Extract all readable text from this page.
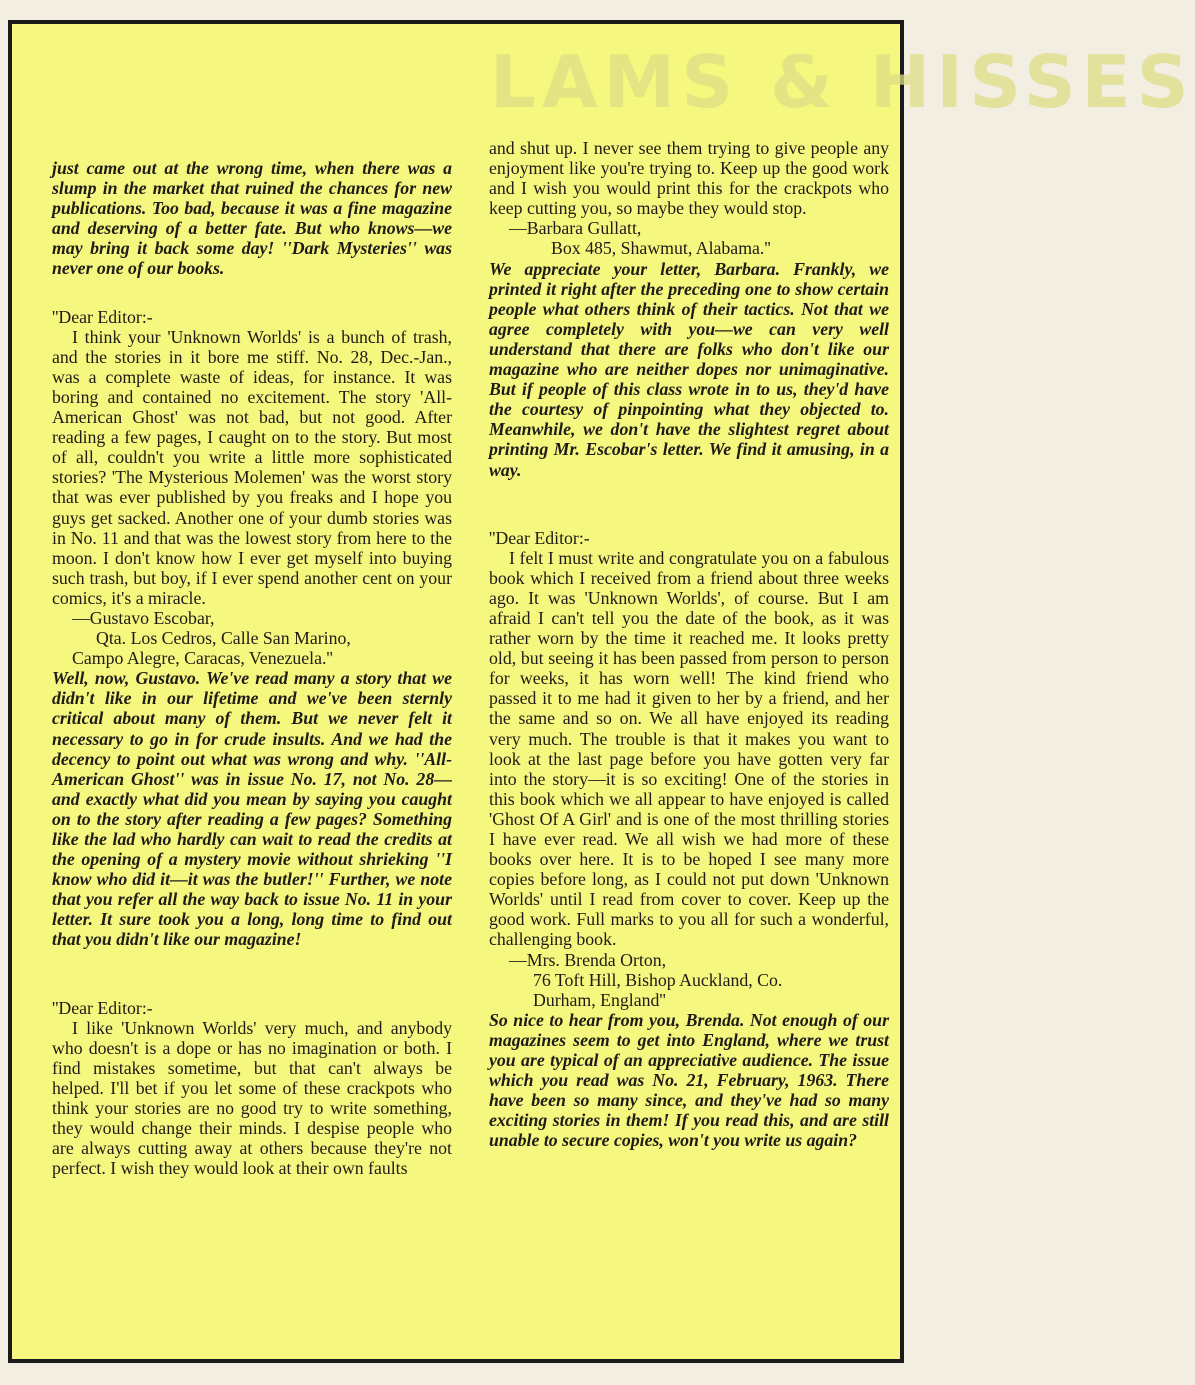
LAMS & HISSES

just came out at the wrong time, when there was a slump in the market that ruined the chances for new publications. Too bad, because it was a fine magazine and deserving of a better fate. But who knows—we may bring it back some day! ''Dark Mysteries'' was never one of our books.

''Dear Editor:-

I think your 'Unknown Worlds' is a bunch of trash, and the stories in it bore me stiff. No. 28, Dec.-Jan., was a complete waste of ideas, for instance. It was boring and contained no excitement. The story 'All-American Ghost' was not bad, but not good. After reading a few pages, I caught on to the story. But most of all, couldn't you write a little more sophisticated stories? 'The Mysterious Molemen' was the worst story that was ever published by you freaks and I hope you guys get sacked. Another one of your dumb stories was in No. 11 and that was the lowest story from here to the moon. I don't know how I ever get myself into buying such trash, but boy, if I ever spend another cent on your comics, it's a miracle.

—Gustavo Escobar,

Qta. Los Cedros, Calle San Marino,

Campo Alegre, Caracas, Venezuela.''

Well, now, Gustavo. We've read many a story that we didn't like in our lifetime and we've been sternly critical about many of them. But we never felt it necessary to go in for crude insults. And we had the decency to point out what was wrong and why. ''All-American Ghost'' was in issue No. 17, not No. 28—and exactly what did you mean by saying you caught on to the story after reading a few pages? Something like the lad who hardly can wait to read the credits at the opening of a mystery movie without shrieking ''I know who did it—it was the butler!'' Further, we note that you refer all the way back to issue No. 11 in your letter. It sure took you a long, long time to find out that you didn't like our magazine!

''Dear Editor:-

I like 'Unknown Worlds' very much, and anybody who doesn't is a dope or has no imagination or both. I find mistakes sometime, but that can't always be helped. I'll bet if you let some of these crackpots who think your stories are no good try to write something, they would change their minds. I despise people who are always cutting away at others because they're not perfect. I wish they would look at their own faults

and shut up. I never see them trying to give people any enjoyment like you're trying to. Keep up the good work and I wish you would print this for the crackpots who keep cutting you, so maybe they would stop.

—Barbara Gullatt,

Box 485, Shawmut, Alabama.''

We appreciate your letter, Barbara. Frankly, we printed it right after the preceding one to show certain people what others think of their tactics. Not that we agree completely with you—we can very well understand that there are folks who don't like our magazine who are neither dopes nor unimaginative. But if people of this class wrote in to us, they'd have the courtesy of pinpointing what they objected to. Meanwhile, we don't have the slightest regret about printing Mr. Escobar's letter. We find it amusing, in a way.

''Dear Editor:-

I felt I must write and congratulate you on a fabulous book which I received from a friend about three weeks ago. It was 'Unknown Worlds', of course. But I am afraid I can't tell you the date of the book, as it was rather worn by the time it reached me. It looks pretty old, but seeing it has been passed from person to person for weeks, it has worn well! The kind friend who passed it to me had it given to her by a friend, and her the same and so on. We all have enjoyed its reading very much. The trouble is that it makes you want to look at the last page before you have gotten very far into the story—it is so exciting! One of the stories in this book which we all appear to have enjoyed is called 'Ghost Of A Girl' and is one of the most thrilling stories I have ever read. We all wish we had more of these books over here. It is to be hoped I see many more copies before long, as I could not put down 'Unknown Worlds' until I read from cover to cover. Keep up the good work. Full marks to you all for such a wonderful, challenging book.

—Mrs. Brenda Orton,

76 Toft Hill, Bishop Auckland, Co.

Durham, England''

So nice to hear from you, Brenda. Not enough of our magazines seem to get into England, where we trust you are typical of an appreciative audience. The issue which you read was No. 21, February, 1963. There have been so many since, and they've had so many exciting stories in them! If you read this, and are still unable to secure copies, won't you write us again?
